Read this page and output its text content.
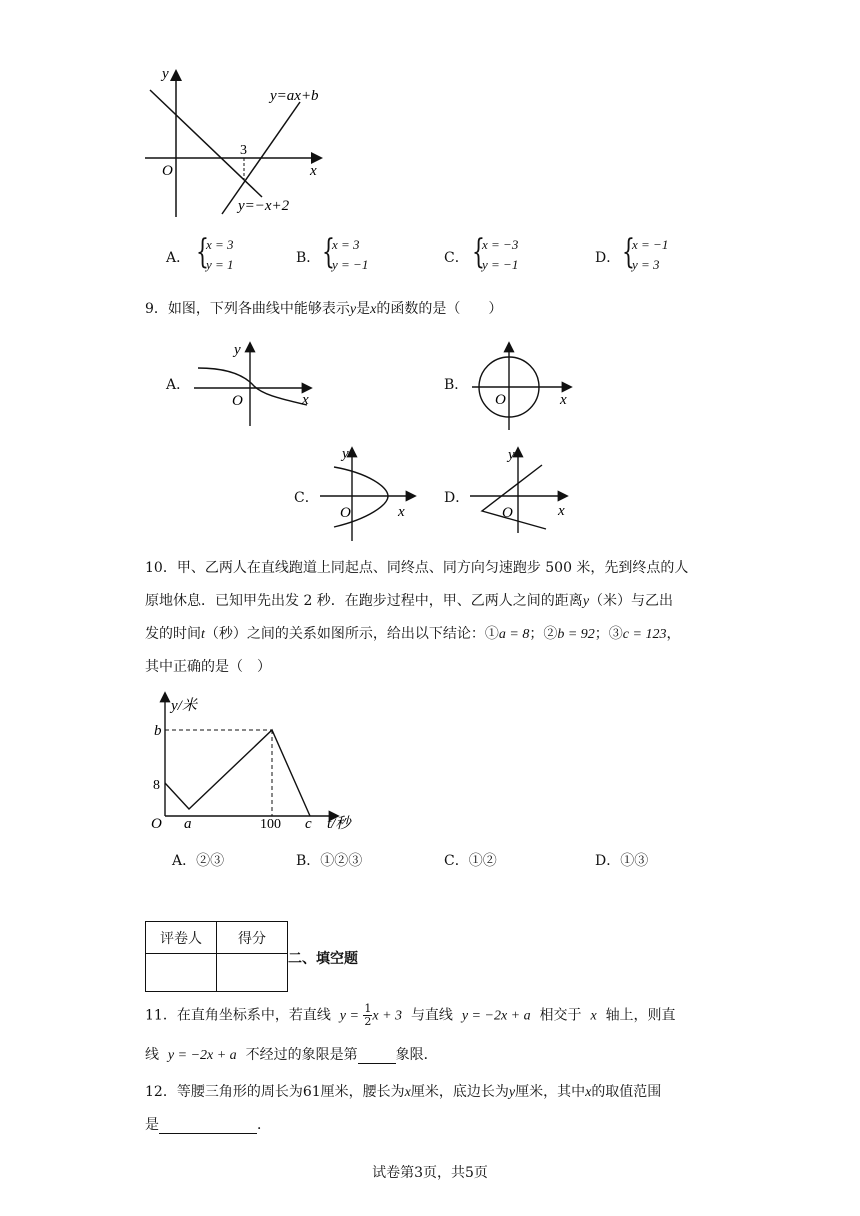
y
x
O
3
y=ax+b
y=−x+2
A． {
x = 3
y = 1	B． {
x = 3
y = −1	C． {
x = −3
y = −1	D． {
x = −1
y = 3
9．如图，下列各曲线中能够表示y是x的函数的是（　　）
A．
y
x
O
B．
x
O
C．
y
x
O
D．
y
x
O
10．甲、乙两人在直线跑道上同起点、同终点、同方向匀速跑步 500 米，先到终点的人
原地休息．已知甲先出发 2 秒．在跑步过程中，甲、乙两人之间的距离y（米）与乙出
发的时间t（秒）之间的关系如图所示，给出以下结论：①a = 8；②b = 92；③c = 123，
其中正确的是（　）
y/米
b
8
O a	100 c t/秒
A．②③	B．①②③	C．①②	D．①③
评卷人	得分

二、填空题
11．在直角坐标系中，若直线 $y = \frac{1}{2}$ x + 3 与直线 y = −2x + a 相交于 x 轴上，则直
线 y = −2x + a 不经过的象限是第	象限．
12．等腰三角形的周长为61厘米，腰长为x厘米，底边长为y厘米，其中x的取值范围
是	．
试卷第3页，共5页
